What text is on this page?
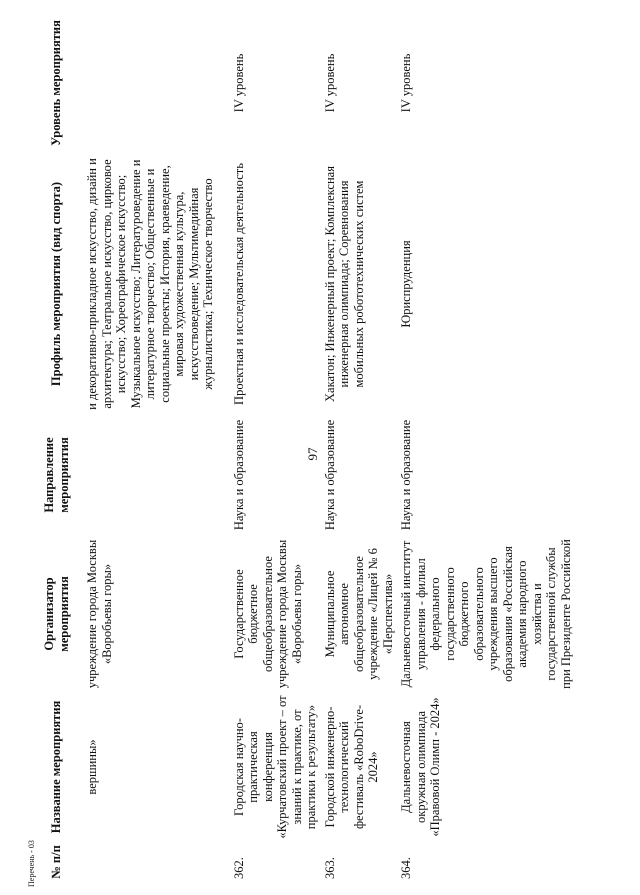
97
№ п/п	Название мероприятия	Организатор мероприятия	Направление мероприятия	Профиль мероприятия (вид спорта)	Уровень мероприятия
	вершины»	учреждение города Москвы «Воробьевы горы»		и декоративно-прикладное искусство, дизайн и архитектура; Театральное искусство, цирковое искусство; Хореографическое искусство; Музыкальное искусство; Литературоведение и литературное творчество; Общественные и социальные проекты; История, краеведение, мировая художественная культура, искусствоведение; Мультимедийная журналистика; Техническое творчество	
362.	Городская научно-практическая конференция «Курчатовский проект – от знаний к практике, от практики к результату»	Государственное бюджетное общеобразовательное учреждение города Москвы «Воробьевы горы»	Наука и образование	Проектная и исследовательская деятельность	IV уровень
363.	Городской инженерно-технологический фестиваль «RoboDrive-2024»	Муниципальное автономное общеобразовательное учреждение «Лицей № 6 «Перспектива»	Наука и образование	Хакатон; Инженерный проект; Комплексная инженерная олимпиада; Соревнования мобильных робототехнических систем	IV уровень
364.	Дальневосточная окружная олимпиада «Правовой Олимп - 2024»	Дальневосточный институт управления - филиал федерального государственного бюджетного образовательного учреждения высшего образования «Российская академия народного хозяйства и государственной службы при Президенте Российской	Наука и образование	Юриспруденция	IV уровень
Перечень - 03
